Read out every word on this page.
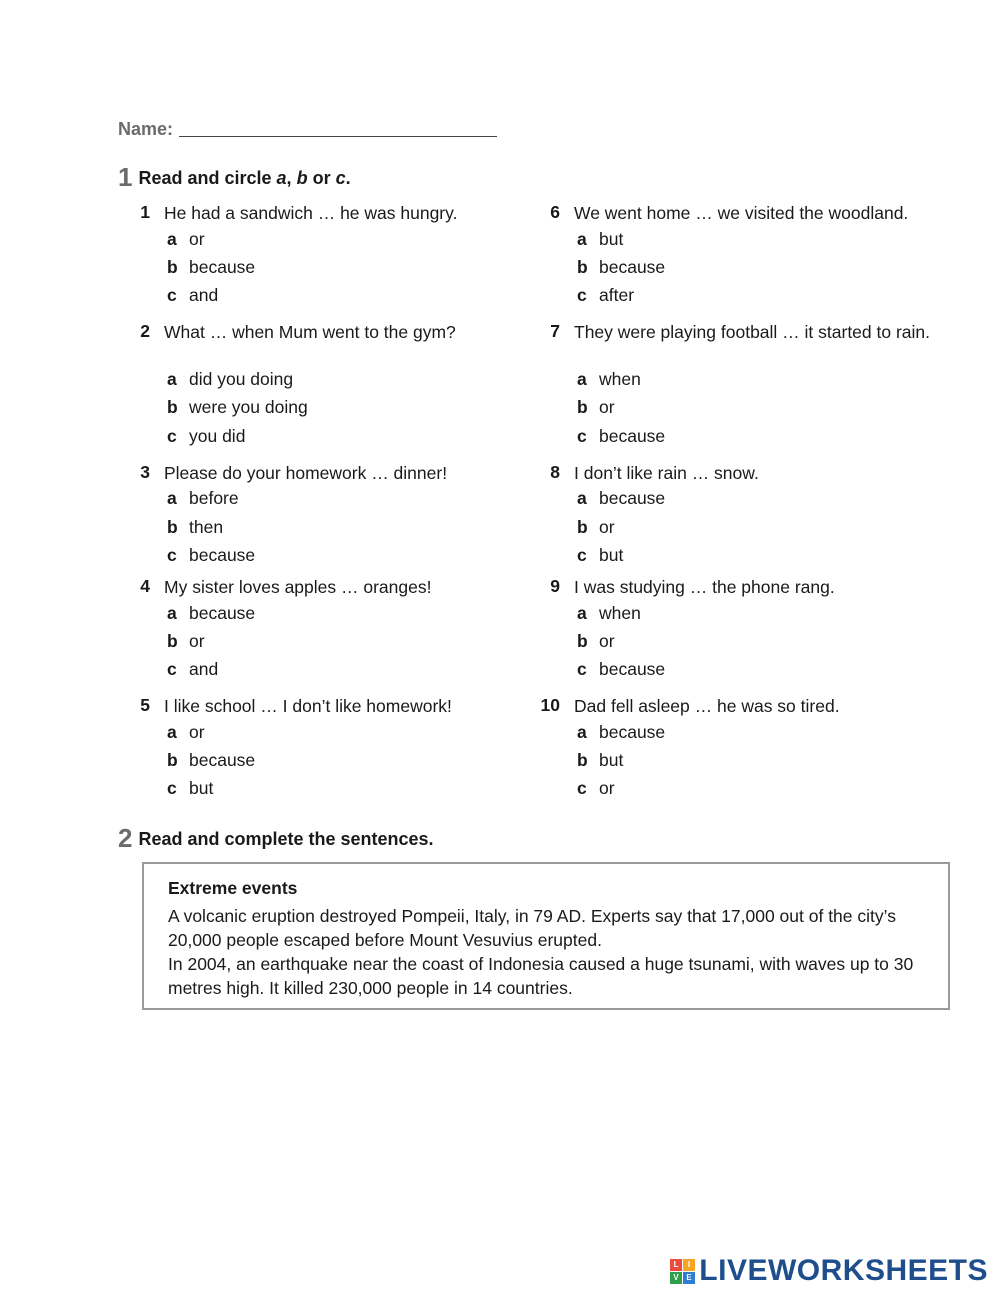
Name:
1 Read and circle a, b or c.
1 He had a sandwich … he was hungry.
a or
b because
c and
2 What … when Mum went to the gym?
a did you doing
b were you doing
c you did
3 Please do your homework … dinner!
a before
b then
c because
4 My sister loves apples … oranges!
a because
b or
c and
5 I like school … I don’t like homework!
a or
b because
c but
6 We went home … we visited the woodland.
a but
b because
c after
7 They were playing football … it started to rain.
a when
b or
c because
8 I don’t like rain … snow.
a because
b or
c but
9 I was studying … the phone rang.
a when
b or
c because
10 Dad fell asleep … he was so tired.
a because
b but
c or
2 Read and complete the sentences.
Extreme events

A volcanic eruption destroyed Pompeii, Italy, in 79 AD. Experts say that 17,000 out of the city’s 20,000 people escaped before Mount Vesuvius erupted.

In 2004, an earthquake near the coast of Indonesia caused a huge tsunami, with waves up to 30 metres high. It killed 230,000 people in 14 countries.

L	I
V E LIVEWORKSHEETS
